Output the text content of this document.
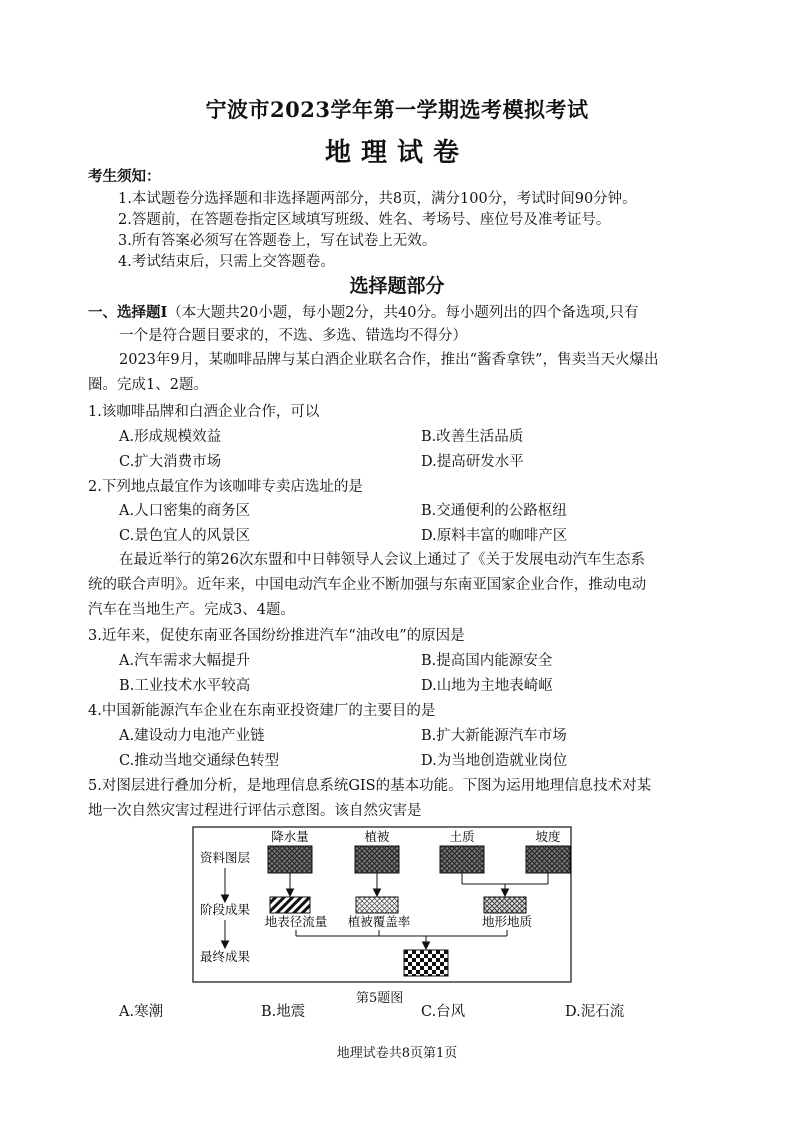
宁波市2023学年第一学期选考模拟考试
地理试卷
考生须知：
1.本试题卷分选择题和非选择题两部分，共8页，满分100分，考试时间90分钟。
2.答题前，在答题卷指定区域填写班级、姓名、考场号、座位号及准考证号。
3.所有答案必须写在答题卷上，写在试卷上无效。
4.考试结束后，只需上交答题卷。
选择题部分
一、选择题Ⅰ（本大题共20小题，每小题2分，共40分。每小题列出的四个备选项,只有
一个是符合题目要求的，不选、多选、错选均不得分）
2023年9月，某咖啡品牌与某白酒企业联名合作，推出“酱香拿铁”，售卖当天火爆出
圈。完成1、2题。
1.该咖啡品牌和白酒企业合作，可以
A.形成规模效益	B.改善生活品质
C.扩大消费市场	D.提高研发水平
2.下列地点最宜作为该咖啡专卖店选址的是
A.人口密集的商务区	B.交通便利的公路枢纽
C.景色宜人的风景区	D.原料丰富的咖啡产区
在最近举行的第26次东盟和中日韩领导人会议上通过了《关于发展电动汽车生态系
统的联合声明》。近年来，中国电动汽车企业不断加强与东南亚国家企业合作，推动电动
汽车在当地生产。完成3、4题。
3.近年来，促使东南亚各国纷纷推进汽车“油改电”的原因是
A.汽车需求大幅提升	B.提高国内能源安全
B.工业技术水平较高	D.山地为主地表崎岖
4.中国新能源汽车企业在东南亚投资建厂的主要目的是
A.建设动力电池产业链	B.扩大新能源汽车市场
C.推动当地交通绿色转型	D.为当地创造就业岗位
5.对图层进行叠加分析，是地理信息系统GIS的基本功能。下图为运用地理信息技术对某
地一次自然灾害过程进行评估示意图。该自然灾害是
资料图层
阶段成果
最终成果
降水量	植被	土质	坡度
地表径流量 植被覆盖率	地形地质
第5题图
A.寒潮	B.地震	C.台风	D.泥石流
地理试卷共8页第1页
